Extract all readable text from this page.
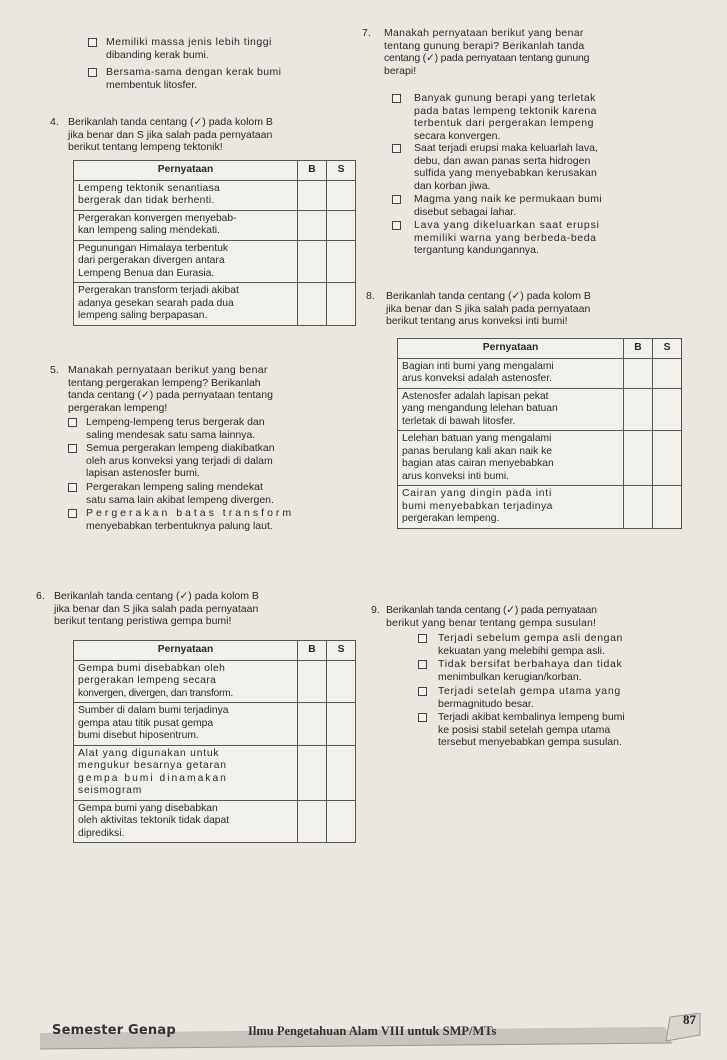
Memiliki massa jenis lebih tinggi
dibanding kerak bumi.
Bersama-sama dengan kerak bumi
membentuk litosfer.
4. Berikanlah tanda centang (✓) pada kolom B
jika benar dan S jika salah pada pernyataan
berikut tentang lempeng tektonik!
Pernyataan	B	S

Lempeng tektonik senantiasa
bergerak dan tidak berhenti.		

Pergerakan konvergen menyebab-
kan lempeng saling mendekati.		

Pegunungan Himalaya terbentuk
dari pergerakan divergen antara
Lempeng Benua dan Eurasia.		

Pergerakan transform terjadi akibat
adanya gesekan searah pada dua
lempeng saling berpapasan.		

5. Manakah pernyataan berikut yang benar
tentang pergerakan lempeng? Berikanlah
tanda centang (✓) pada pernyataan tentang
pergerakan lempeng!
Lempeng-lempeng terus bergerak dan
saling mendesak satu sama lainnya.
Semua pergerakan lempeng diakibatkan
oleh arus konveksi yang terjadi di dalam
lapisan astenosfer bumi.
Pergerakan lempeng saling mendekat
satu sama lain akibat lempeng divergen.
Pergerakan batas transform
menyebabkan terbentuknya palung laut.
6. Berikanlah tanda centang (✓) pada kolom B
jika benar dan S jika salah pada pernyataan
berikut tentang peristiwa gempa bumi!
Pernyataan	B	S

Gempa bumi disebabkan oleh
pergerakan lempeng secara
konvergen, divergen, dan transform.		

Sumber di dalam bumi terjadinya
gempa atau titik pusat gempa
bumi disebut hiposentrum.		

Alat yang digunakan untuk
mengukur besarnya getaran
gempa bumi dinamakan
seismogram		

Gempa bumi yang disebabkan
oleh aktivitas tektonik tidak dapat
diprediksi.		

7. Manakah pernyataan berikut yang benar
tentang gunung berapi? Berikanlah tanda
centang (✓) pada pernyataan tentang gunung
berapi!
Banyak gunung berapi yang terletak
pada batas lempeng tektonik karena
terbentuk dari pergerakan lempeng
secara konvergen.
Saat terjadi erupsi maka keluarlah lava,
debu, dan awan panas serta hidrogen
sulfida yang menyebabkan kerusakan
dan korban jiwa.
Magma yang naik ke permukaan bumi
disebut sebagai lahar.
Lava yang dikeluarkan saat erupsi
memiliki warna yang berbeda-beda
tergantung kandungannya.
8. Berikanlah tanda centang (✓) pada kolom B
jika benar dan S jika salah pada pernyataan
berikut tentang arus konveksi inti bumi!
Pernyataan	B	S

Bagian inti bumi yang mengalami
arus konveksi adalah astenosfer.		

Astenosfer adalah lapisan pekat
yang mengandung lelehan batuan
terletak di bawah litosfer.		

Lelehan batuan yang mengalami
panas berulang kali akan naik ke
bagian atas cairan menyebabkan
arus konveksi inti bumi.		

Cairan yang dingin pada inti
bumi menyebabkan terjadinya
pergerakan lempeng.		

9. Berikanlah tanda centang (✓) pada pernyataan
berikut yang benar tentang gempa susulan!
Terjadi sebelum gempa asli dengan
kekuatan yang melebihi gempa asli.
Tidak bersifat berbahaya dan tidak
menimbulkan kerugian/korban.
Terjadi setelah gempa utama yang
bermagnitudo besar.
Terjadi akibat kembalinya lempeng bumi
ke posisi stabil setelah gempa utama
tersebut menyebabkan gempa susulan.
Semester Genap	Ilmu Pengetahuan Alam VIII untuk SMP/MTs
87
